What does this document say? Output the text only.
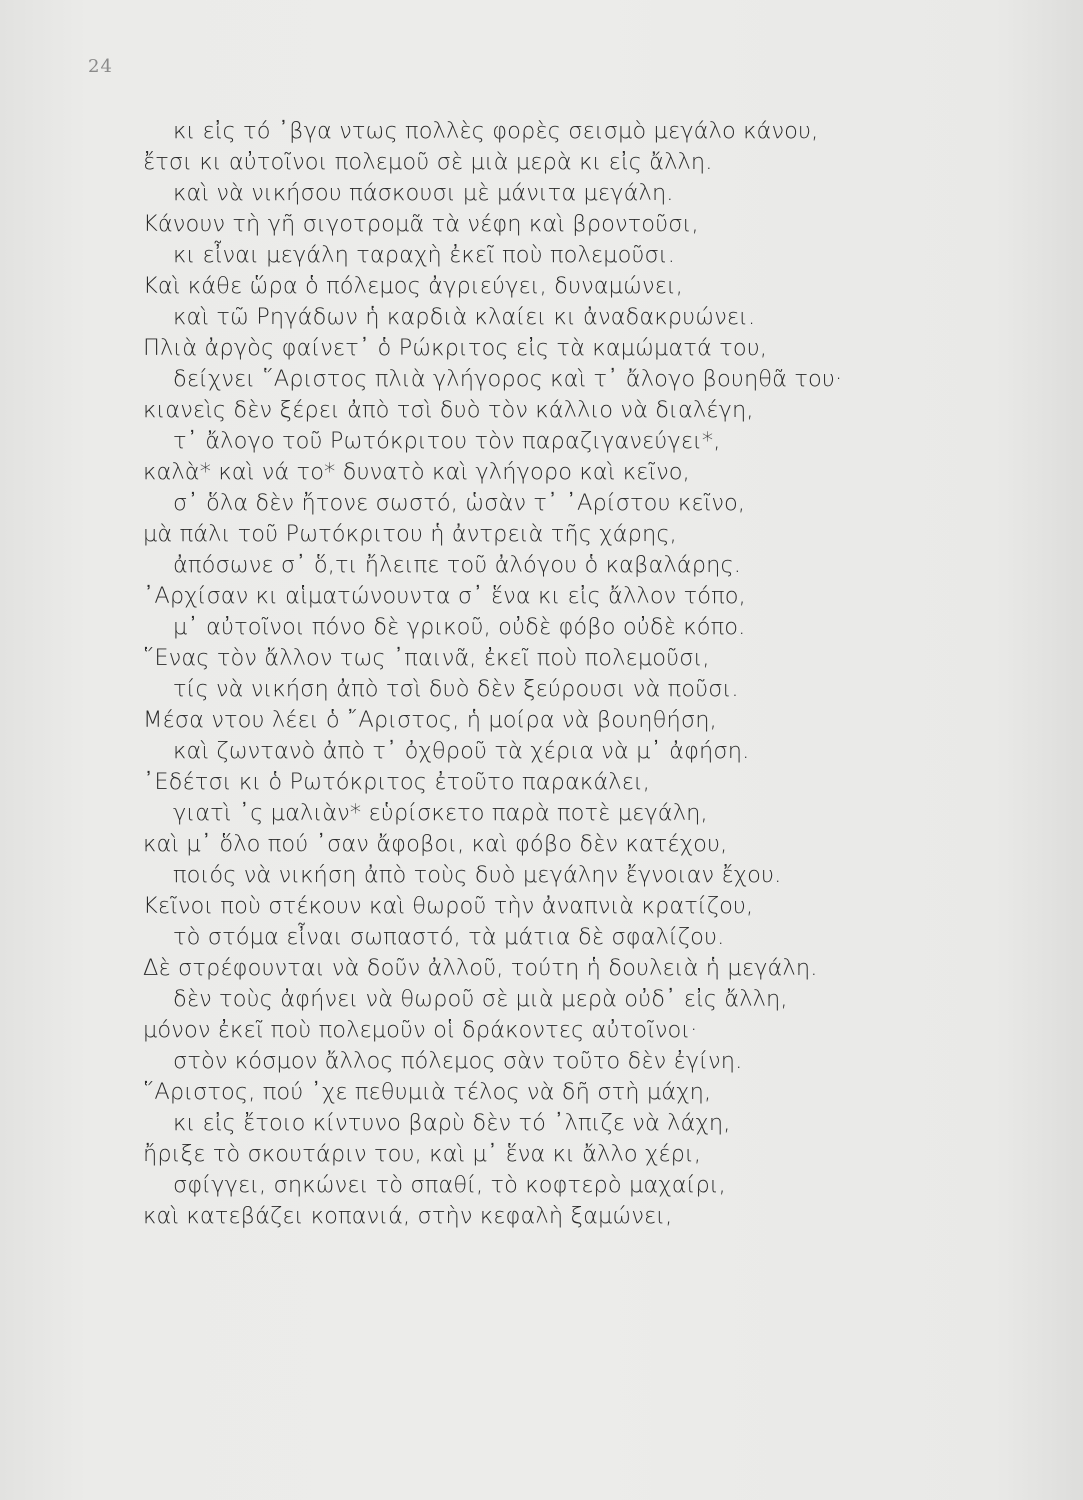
24
κι εἰς τό ᾿βγα ντως πολλὲς φορὲς σεισμὸ μεγάλο κάνου,
ἔτσι κι αὐτοῖνοι πολεμοῦ σὲ μιὰ μερὰ κι εἰς ἄλλη.
καὶ νὰ νικήσου πάσκουσι μὲ μάνιτα μεγάλη.
Κάνουν τὴ γῆ σιγοτρομᾶ τὰ νέφη καὶ βροντοῦσι,
κι εἶναι μεγάλη ταραχὴ ἐκεῖ ποὺ πολεμοῦσι.
Καὶ κάθε ὥρα ὁ πόλεμος ἀγριεύγει, δυναμώνει,
καὶ τῶ Ρηγάδων ἡ καρδιὰ κλαίει κι ἀναδακρυώνει.
Πλιὰ ἀργὸς φαίνετ᾿ ὁ Ρώκριτος εἰς τὰ καμώματά του,
δείχνει ῞Αριστος πλιὰ γλήγορος καὶ τ᾿ ἄλογο βουηθᾶ του·
κιανεὶς δὲν ξέρει ἀπὸ τσὶ δυὸ τὸν κάλλιο νὰ διαλέγη,
τ᾿ ἄλογο τοῦ Ρωτόκριτου τὸν παραζιγανεύγει*,
καλὰ* καὶ νά το* δυνατὸ καὶ γλήγορο καὶ κεῖνο,
σ᾿ ὅλα δὲν ἤτονε σωστό, ὡσὰν τ᾿ ᾿Αρίστου κεῖνο,
μὰ πάλι τοῦ Ρωτόκριτου ἡ ἀντρειὰ τῆς χάρης,
ἀπόσωνε σ᾿ ὅ,τι ἤλειπε τοῦ ἀλόγου ὁ καβαλάρης.
᾿Αρχίσαν κι αἱματώνουντα σ᾿ ἕνα κι εἰς ἄλλον τόπο,
μ᾿ αὐτοῖνοι πόνο δὲ γρικοῦ, οὐδὲ φόβο οὐδὲ κόπο.
῞Ενας τὸν ἄλλον τως ᾿παινᾶ, ἐκεῖ ποὺ πολεμοῦσι,
τίς νὰ νικήση ἀπὸ τσὶ δυὸ δὲν ξεύρουσι νὰ ποῦσι.
Μέσα ντου λέει ὁ ῎Αριστος, ἡ μοίρα νὰ βουηθήση,
καὶ ζωντανὸ ἀπὸ τ᾿ ὀχθροῦ τὰ χέρια νὰ μ᾿ ἀφήση.
᾿Εδέτσι κι ὁ Ρωτόκριτος ἐτοῦτο παρακάλει,
γιατὶ ᾿ς μαλιὰν* εὑρίσκετο παρὰ ποτὲ μεγάλη,
καὶ μ᾿ ὅλο πού ᾿σαν ἄφοβοι, καὶ φόβο δὲν κατέχου,
ποιός νὰ νικήση ἀπὸ τοὺς δυὸ μεγάλην ἔγνοιαν ἔχου.
Κεῖνοι ποὺ στέκουν καὶ θωροῦ τὴν ἀναπνιὰ κρατίζου,
τὸ στόμα εἶναι σωπαστό, τὰ μάτια δὲ σφαλίζου.
Δὲ στρέφουνται νὰ δοῦν ἀλλοῦ, τούτη ἡ δουλειὰ ἡ μεγάλη.
δὲν τοὺς ἀφήνει νὰ θωροῦ σὲ μιὰ μερὰ οὐδ᾿ εἰς ἄλλη,
μόνον ἐκεῖ ποὺ πολεμοῦν οἱ δράκοντες αὐτοῖνοι·
στὸν κόσμον ἄλλος πόλεμος σὰν τοῦτο δὲν ἐγίνη.
῞Αριστος, πού ᾿χε πεθυμιὰ τέλος νὰ δῆ στὴ μάχη,
κι εἰς ἔτοιο κίντυνο βαρὺ δὲν τό ᾿λπιζε νὰ λάχη,
ἤριξε τὸ σκουτάριν του, καὶ μ᾿ ἕνα κι ἄλλο χέρι,
σφίγγει, σηκώνει τὸ σπαθί, τὸ κοφτερὸ μαχαίρι,
καὶ κατεβάζει κοπανιά, στὴν κεφαλὴ ξαμώνει,
